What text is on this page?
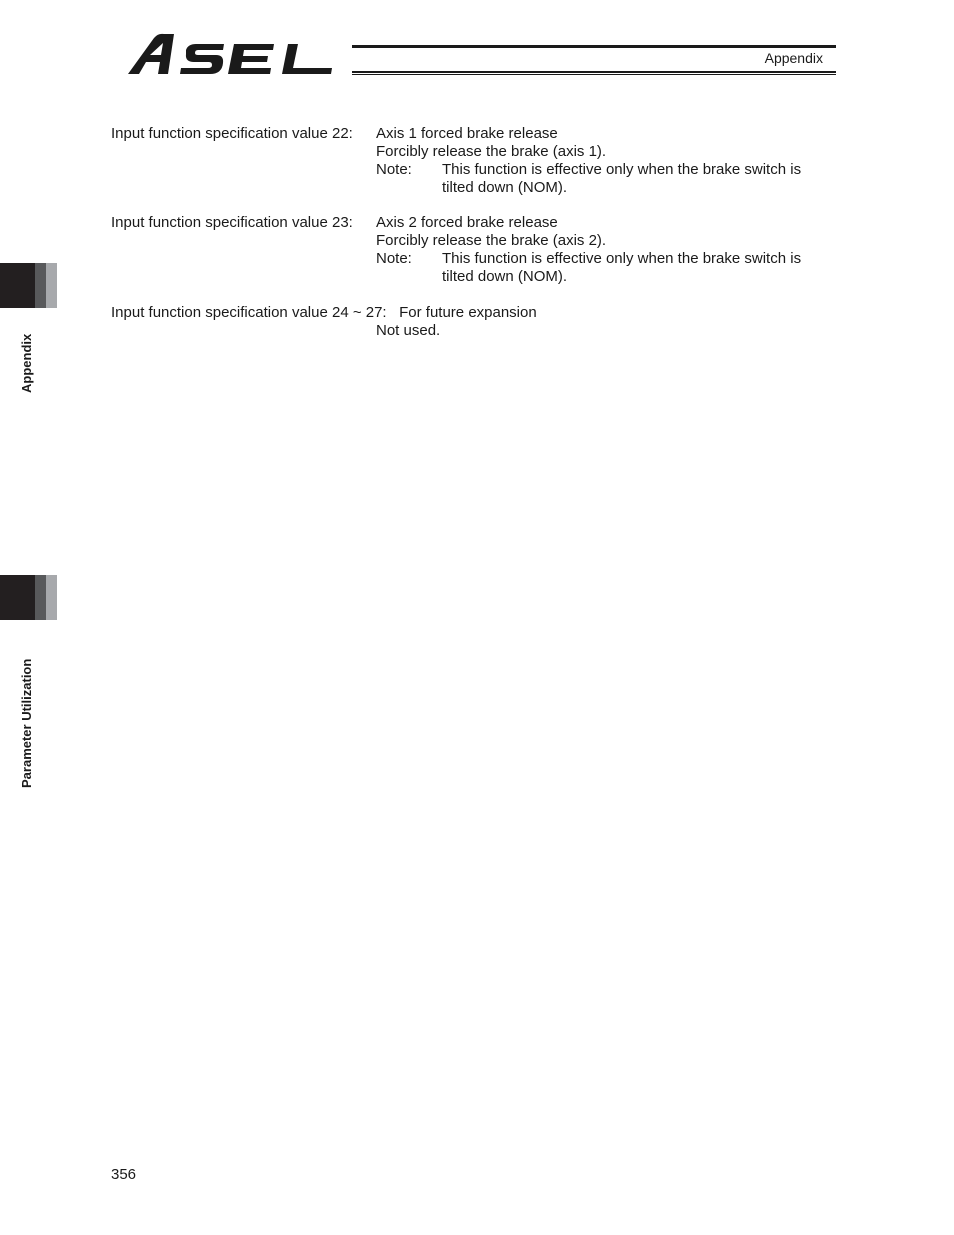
Appendix
Appendix
Parameter Utilization
Input function specification value 22: Axis 1 forced brake release
Forcibly release the brake (axis 1).
Note: This function is effective only when the brake switch is
tilted down (NOM).
Input function specification value 23: Axis 2 forced brake release
Forcibly release the brake (axis 2).
Note: This function is effective only when the brake switch is
tilted down (NOM).
Input function specification value 24 ~ 27: For future expansion
Not used.
356
